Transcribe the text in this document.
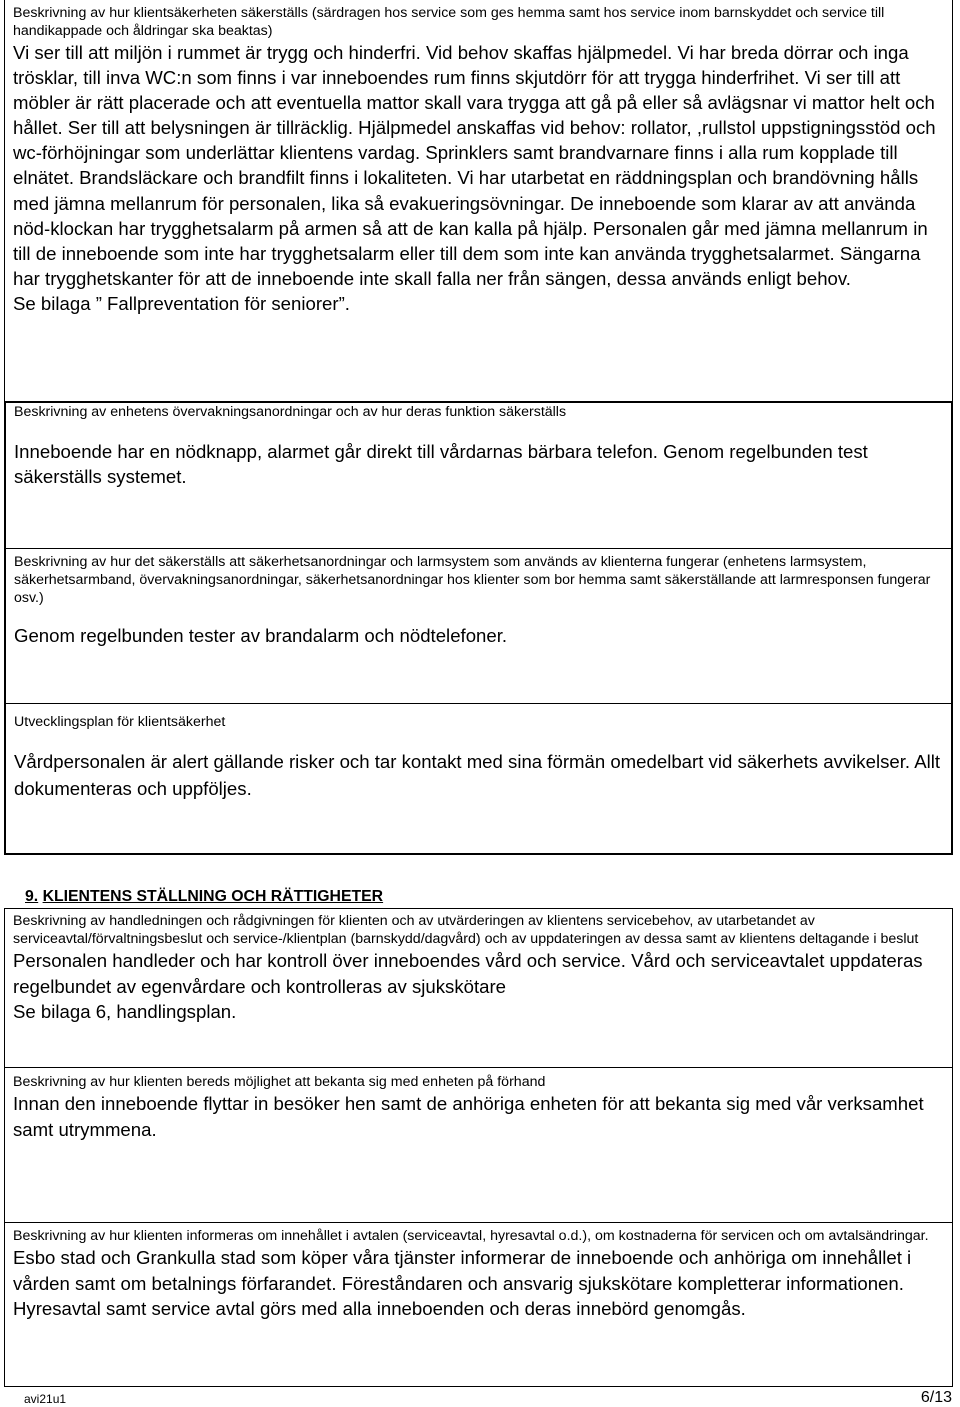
Beskrivning av hur klientsäkerheten säkerställs (särdragen hos service som ges hemma samt hos service inom barnskyddet och service till handikappade och åldringar ska beaktas)

Vi ser till att miljön i rummet är trygg och hinderfri. Vid behov skaffas hjälpmedel. Vi har breda dörrar och inga trösklar, till inva WC:n som finns i var inneboendes rum finns skjutdörr för att trygga hinderfrihet. Vi ser till att möbler är rätt placerade och att eventuella mattor skall vara trygga att gå på eller så avlägsnar vi mattor helt och hållet. Ser till att belysningen är tillräcklig. Hjälpmedel anskaffas vid behov: rollator, ,rullstol uppstigningsstöd och wc-förhöjningar som underlättar klientens vardag. Sprinklers samt brandvarnare finns i alla rum kopplade till elnätet. Brandsläckare och brandfilt finns i lokaliteten. Vi har utarbetat en räddningsplan och brandövning hålls med jämna mellanrum för personalen, lika så evakueringsövningar. De inneboende som klarar av att använda nöd-klockan har trygghetsalarm på armen så att de kan kalla på hjälp. Personalen går med jämna mellanrum in till de inneboende som inte har trygghetsalarm eller till dem som inte kan använda trygghetsalarmet. Sängarna har trygghetskanter för att de inneboende inte skall falla ner från sängen, dessa används enligt behov.

Se bilaga ” Fallpreventation för seniorer”.

Beskrivning av enhetens övervakningsanordningar och av hur deras funktion säkerställs

Inneboende har en nödknapp, alarmet går direkt till vårdarnas bärbara telefon. Genom regelbunden test säkerställs systemet.

Beskrivning av hur det säkerställs att säkerhetsanordningar och larmsystem som används av klienterna fungerar (enhetens larmsystem, säkerhetsarmband, övervakningsanordningar, säkerhetsanordningar hos klienter som bor hemma samt säkerställande att larmresponsen fungerar osv.)

Genom regelbunden tester av brandalarm och nödtelefoner.

Utvecklingsplan för klientsäkerhet

Vårdpersonalen är alert gällande risker och tar kontakt med sina förmän omedelbart vid säkerhets avvikelser. Allt dokumenteras och uppföljes.

9. KLIENTENS STÄLLNING OCH RÄTTIGHETER

Beskrivning av handledningen och rådgivningen för klienten och av utvärderingen av klientens servicebehov, av utarbetandet av serviceavtal/förvaltningsbeslut och service-/klientplan (barnskydd/dagvård) och av uppdateringen av dessa samt av klientens deltagande i beslut

Personalen handleder och har kontroll över inneboendes vård och service. Vård och serviceavtalet uppdateras regelbundet av egenvårdare och kontrolleras av sjukskötare

Se bilaga 6, handlingsplan.

Beskrivning av hur klienten bereds möjlighet att bekanta sig med enheten på förhand

Innan den inneboende flyttar in besöker hen samt de anhöriga enheten för att bekanta sig med vår verksamhet samt utrymmena.

Beskrivning av hur klienten informeras om innehållet i avtalen (serviceavtal, hyresavtal o.d.), om kostnaderna för servicen och om avtalsändringar.

Esbo stad och Grankulla stad som köper våra tjänster informerar de inneboende och anhöriga om innehållet i vården samt om betalnings förfarandet. Föreståndaren och ansvarig sjukskötare kompletterar informationen. Hyresavtal samt service avtal görs med alla inneboenden och deras innebörd genomgås.

avi21u1	6/13
